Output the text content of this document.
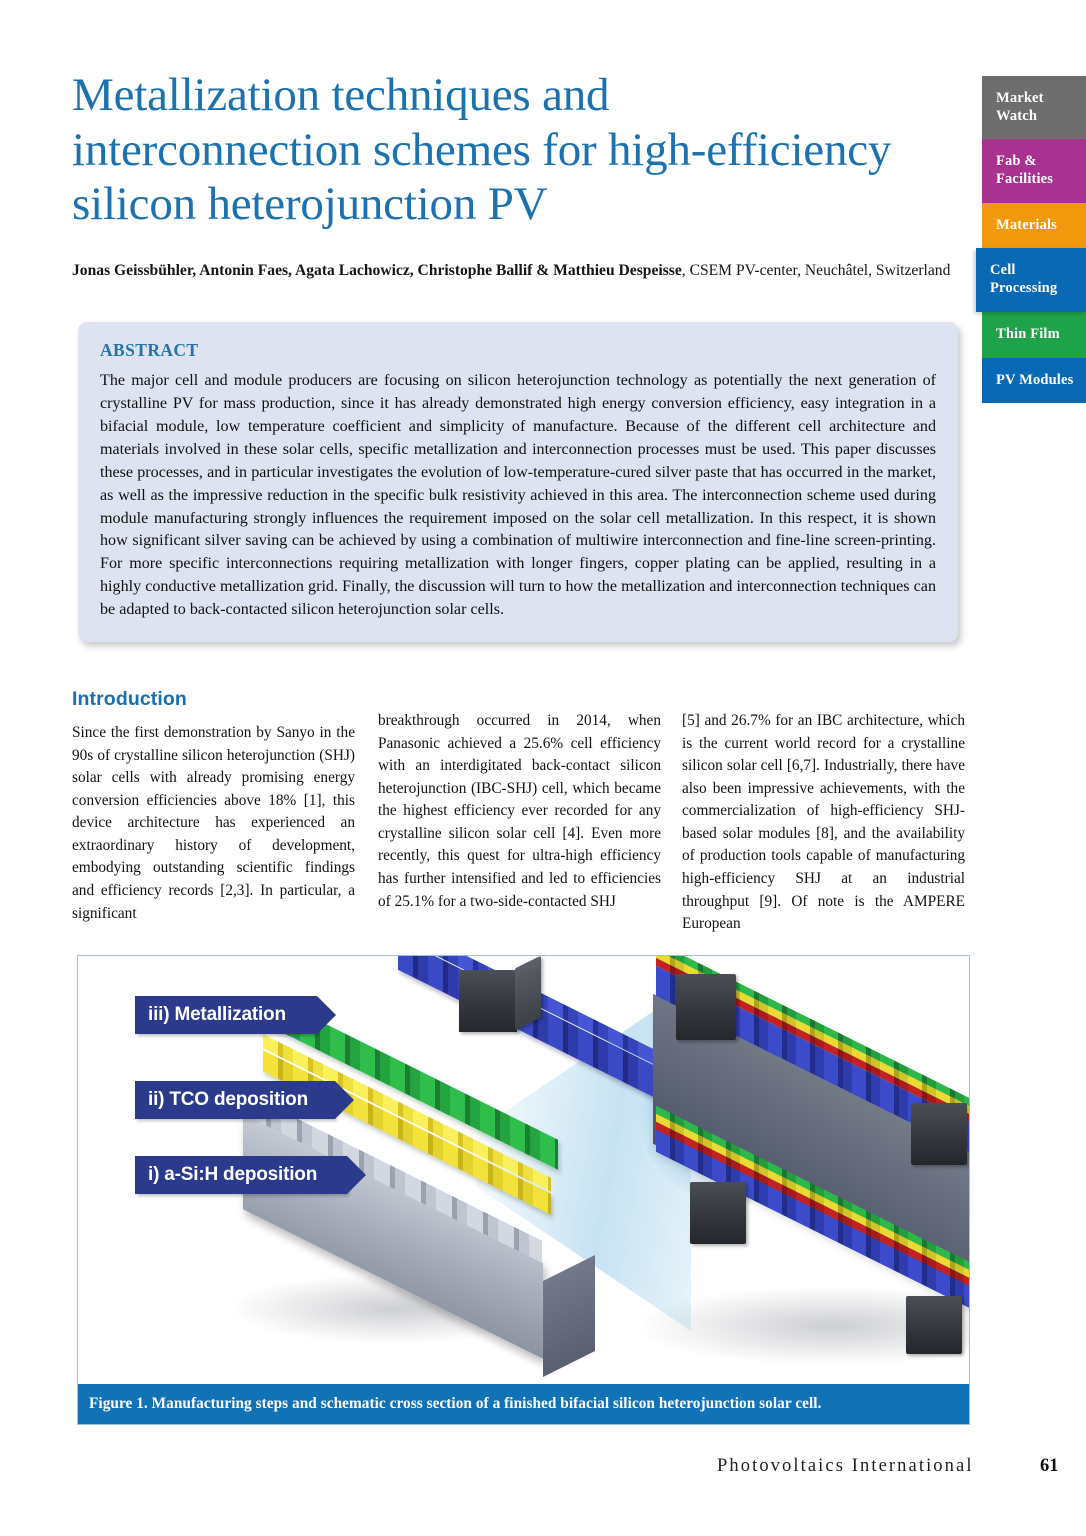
Metallization techniques and interconnection schemes for high-efficiency silicon heterojunction PV
Jonas Geissbühler, Antonin Faes, Agata Lachowicz, Christophe Ballif & Matthieu Despeisse, CSEM PV-center, Neuchâtel, Switzerland
Market Watch
Fab & Facilities
Materials
Cell Processing
Thin Film
PV Modules
ABSTRACT
The major cell and module producers are focusing on silicon heterojunction technology as potentially the next generation of crystalline PV for mass production, since it has already demonstrated high energy conversion efficiency, easy integration in a bifacial module, low temperature coefficient and simplicity of manufacture. Because of the different cell architecture and materials involved in these solar cells, specific metallization and interconnection processes must be used. This paper discusses these processes, and in particular investigates the evolution of low-temperature-cured silver paste that has occurred in the market, as well as the impressive reduction in the specific bulk resistivity achieved in this area. The interconnection scheme used during module manufacturing strongly influences the requirement imposed on the solar cell metallization. In this respect, it is shown how significant silver saving can be achieved by using a combination of multiwire interconnection and fine-line screen-printing. For more specific interconnections requiring metallization with longer fingers, copper plating can be applied, resulting in a highly conductive metallization grid. Finally, the discussion will turn to how the metallization and interconnection techniques can be adapted to back-contacted silicon heterojunction solar cells.
Introduction
Since the first demonstration by Sanyo in the 90s of crystalline silicon heterojunction (SHJ) solar cells with already promising energy conversion efficiencies above 18% [1], this device architecture has experienced an extraordinary history of development, embodying outstanding scientific findings and efficiency records [2,3]. In particular, a significant
breakthrough occurred in 2014, when Panasonic achieved a 25.6% cell efficiency with an interdigitated back-contact silicon heterojunction (IBC-SHJ) cell, which became the highest efficiency ever recorded for any crystalline silicon solar cell [4]. Even more recently, this quest for ultra-high efficiency has further intensified and led to efficiencies of 25.1% for a two-side-contacted SHJ
[5] and 26.7% for an IBC architecture, which is the current world record for a crystalline silicon solar cell [6,7]. Industrially, there have also been impressive achievements, with the commercialization of high-efficiency SHJ-based solar modules [8], and the availability of production tools capable of manufacturing high-efficiency SHJ at an industrial throughput [9]. Of note is the AMPERE European
iii) Metallization
ii) TCO deposition
i) a-Si:H deposition
Figure 1. Manufacturing steps and schematic cross section of a finished bifacial silicon heterojunction solar cell.
Photovoltaics International	61
